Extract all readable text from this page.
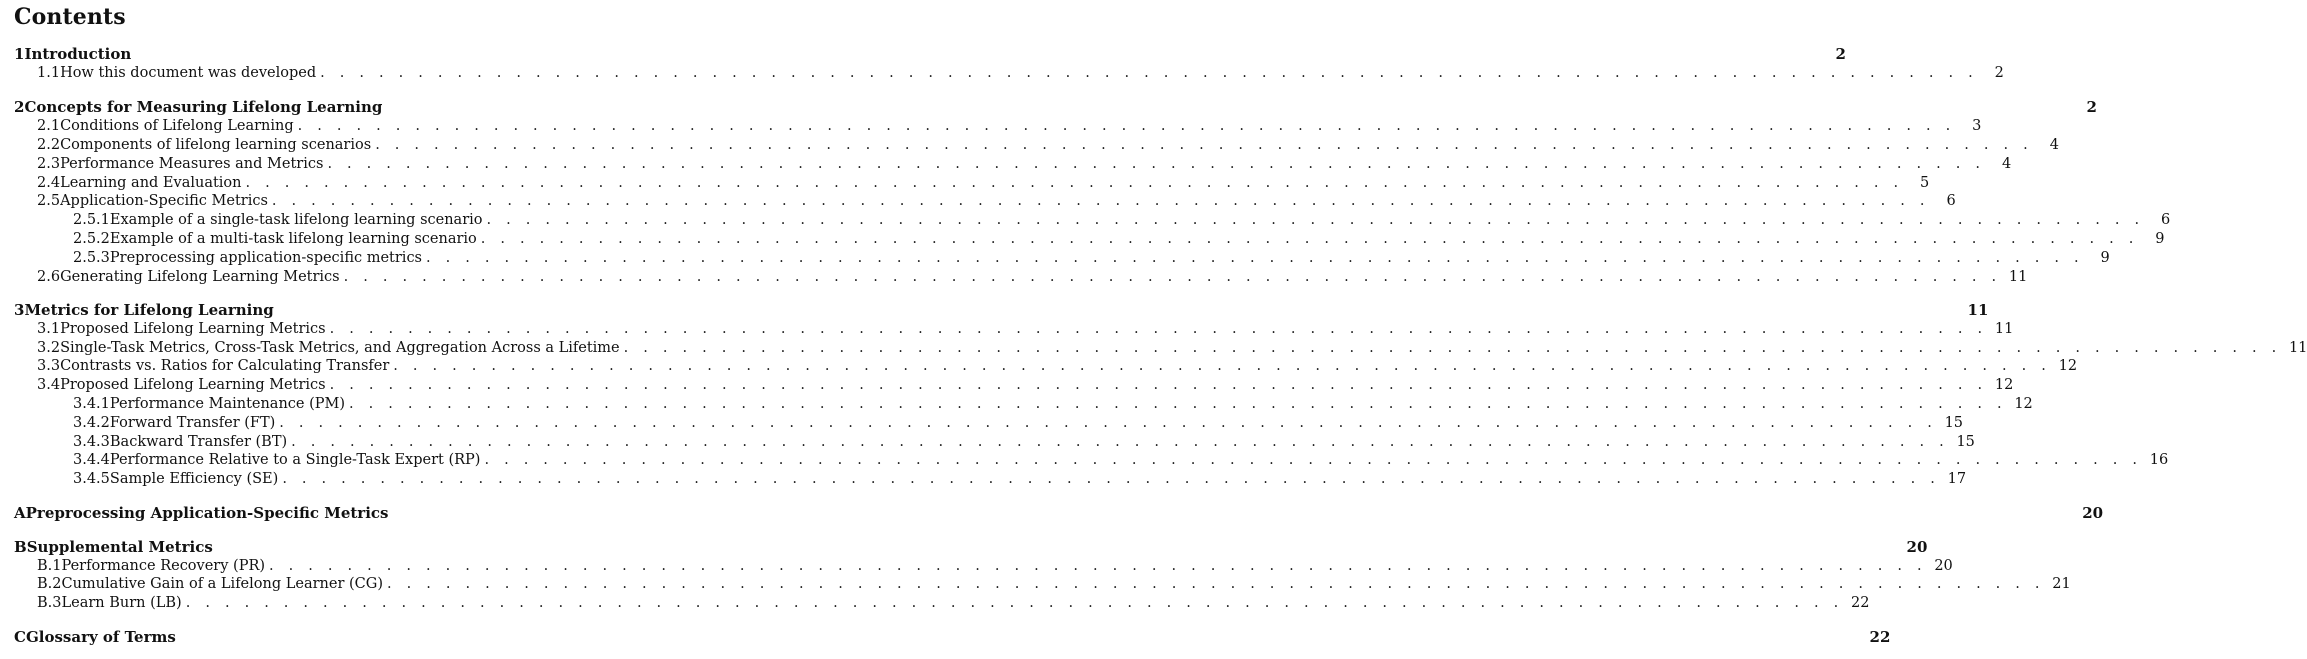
Contents
1 Introduction	2
1.1 How this document was developed . . . . . . . . . . . . . . . . . . . . . . . . . . . . . . . . . . . . . . . . . . . . . . . . . . . . . . . . . . . . . . . . . . . . . . . . . . . . . . . . . . . . .	2
2 Concepts for Measuring Lifelong Learning	2
2.1 Conditions of Lifelong Learning . . . . . . . . . . . . . . . . . . . . . . . . . . . . . . . . . . . . . . . . . . . . . . . . . . . . . . . . . . . . . . . . . . . . . . . . . . . . . . . . . . . . .	3
2.2 Components of lifelong learning scenarios . . . . . . . . . . . . . . . . . . . . . . . . . . . . . . . . . . . . . . . . . . . . . . . . . . . . . . . . . . . . . . . . . . . . . . . . . . . . . . . . . . . . .	4
2.3 Performance Measures and Metrics . . . . . . . . . . . . . . . . . . . . . . . . . . . . . . . . . . . . . . . . . . . . . . . . . . . . . . . . . . . . . . . . . . . . . . . . . . . . . . . . . . . . .	4
2.4 Learning and Evaluation . . . . . . . . . . . . . . . . . . . . . . . . . . . . . . . . . . . . . . . . . . . . . . . . . . . . . . . . . . . . . . . . . . . . . . . . . . . . . . . . . . . . .	5
2.5 Application-Specific Metrics . . . . . . . . . . . . . . . . . . . . . . . . . . . . . . . . . . . . . . . . . . . . . . . . . . . . . . . . . . . . . . . . . . . . . . . . . . . . . . . . . . . . .	6
2.5.1 Example of a single-task lifelong learning scenario . . . . . . . . . . . . . . . . . . . . . . . . . . . . . . . . . . . . . . . . . . . . . . . . . . . . . . . . . . . . . . . . . . . . . . . . . . . . . . . . . . . . .	6
2.5.2 Example of a multi-task lifelong learning scenario . . . . . . . . . . . . . . . . . . . . . . . . . . . . . . . . . . . . . . . . . . . . . . . . . . . . . . . . . . . . . . . . . . . . . . . . . . . . . . . . . . . . .	9
2.5.3 Preprocessing application-specific metrics . . . . . . . . . . . . . . . . . . . . . . . . . . . . . . . . . . . . . . . . . . . . . . . . . . . . . . . . . . . . . . . . . . . . . . . . . . . . . . . . . . . . .	9
2.6 Generating Lifelong Learning Metrics . . . . . . . . . . . . . . . . . . . . . . . . . . . . . . . . . . . . . . . . . . . . . . . . . . . . . . . . . . . . . . . . . . . . . . . . . . . . . . . . . . . . . 11
3 Metrics for Lifelong Learning	11
3.1 Proposed Lifelong Learning Metrics . . . . . . . . . . . . . . . . . . . . . . . . . . . . . . . . . . . . . . . . . . . . . . . . . . . . . . . . . . . . . . . . . . . . . . . . . . . . . . . . . . . . . 11
3.2 Single-Task Metrics, Cross-Task Metrics, and Aggregation Across a Lifetime . . . . . . . . . . . . . . . . . . . . . . . . . . . . . . . . . . . . . . . . . . . . . . . . . . . . . . . . . . . . . . . . . . . . . . . . . . . . . . . . . . . . . 11
3.3 Contrasts vs. Ratios for Calculating Transfer . . . . . . . . . . . . . . . . . . . . . . . . . . . . . . . . . . . . . . . . . . . . . . . . . . . . . . . . . . . . . . . . . . . . . . . . . . . . . . . . . . . . . 12
3.4 Proposed Lifelong Learning Metrics . . . . . . . . . . . . . . . . . . . . . . . . . . . . . . . . . . . . . . . . . . . . . . . . . . . . . . . . . . . . . . . . . . . . . . . . . . . . . . . . . . . . . 12
3.4.1 Performance Maintenance (PM) . . . . . . . . . . . . . . . . . . . . . . . . . . . . . . . . . . . . . . . . . . . . . . . . . . . . . . . . . . . . . . . . . . . . . . . . . . . . . . . . . . . . . 12
3.4.2 Forward Transfer (FT) . . . . . . . . . . . . . . . . . . . . . . . . . . . . . . . . . . . . . . . . . . . . . . . . . . . . . . . . . . . . . . . . . . . . . . . . . . . . . . . . . . . . . 15
3.4.3 Backward Transfer (BT) . . . . . . . . . . . . . . . . . . . . . . . . . . . . . . . . . . . . . . . . . . . . . . . . . . . . . . . . . . . . . . . . . . . . . . . . . . . . . . . . . . . . . 15
3.4.4 Performance Relative to a Single-Task Expert (RP) . . . . . . . . . . . . . . . . . . . . . . . . . . . . . . . . . . . . . . . . . . . . . . . . . . . . . . . . . . . . . . . . . . . . . . . . . . . . . . . . . . . . . 16
3.4.5 Sample Efficiency (SE) . . . . . . . . . . . . . . . . . . . . . . . . . . . . . . . . . . . . . . . . . . . . . . . . . . . . . . . . . . . . . . . . . . . . . . . . . . . . . . . . . . . . . 17
A Preprocessing Application-Specific Metrics	20
B Supplemental Metrics	20
B.1 Performance Recovery (PR) . . . . . . . . . . . . . . . . . . . . . . . . . . . . . . . . . . . . . . . . . . . . . . . . . . . . . . . . . . . . . . . . . . . . . . . . . . . . . . . . . . . . . 20
B.2 Cumulative Gain of a Lifelong Learner (CG) . . . . . . . . . . . . . . . . . . . . . . . . . . . . . . . . . . . . . . . . . . . . . . . . . . . . . . . . . . . . . . . . . . . . . . . . . . . . . . . . . . . . . 21
B.3 Learn Burn (LB) . . . . . . . . . . . . . . . . . . . . . . . . . . . . . . . . . . . . . . . . . . . . . . . . . . . . . . . . . . . . . . . . . . . . . . . . . . . . . . . . . . . . . 22
C Glossary of Terms	22
